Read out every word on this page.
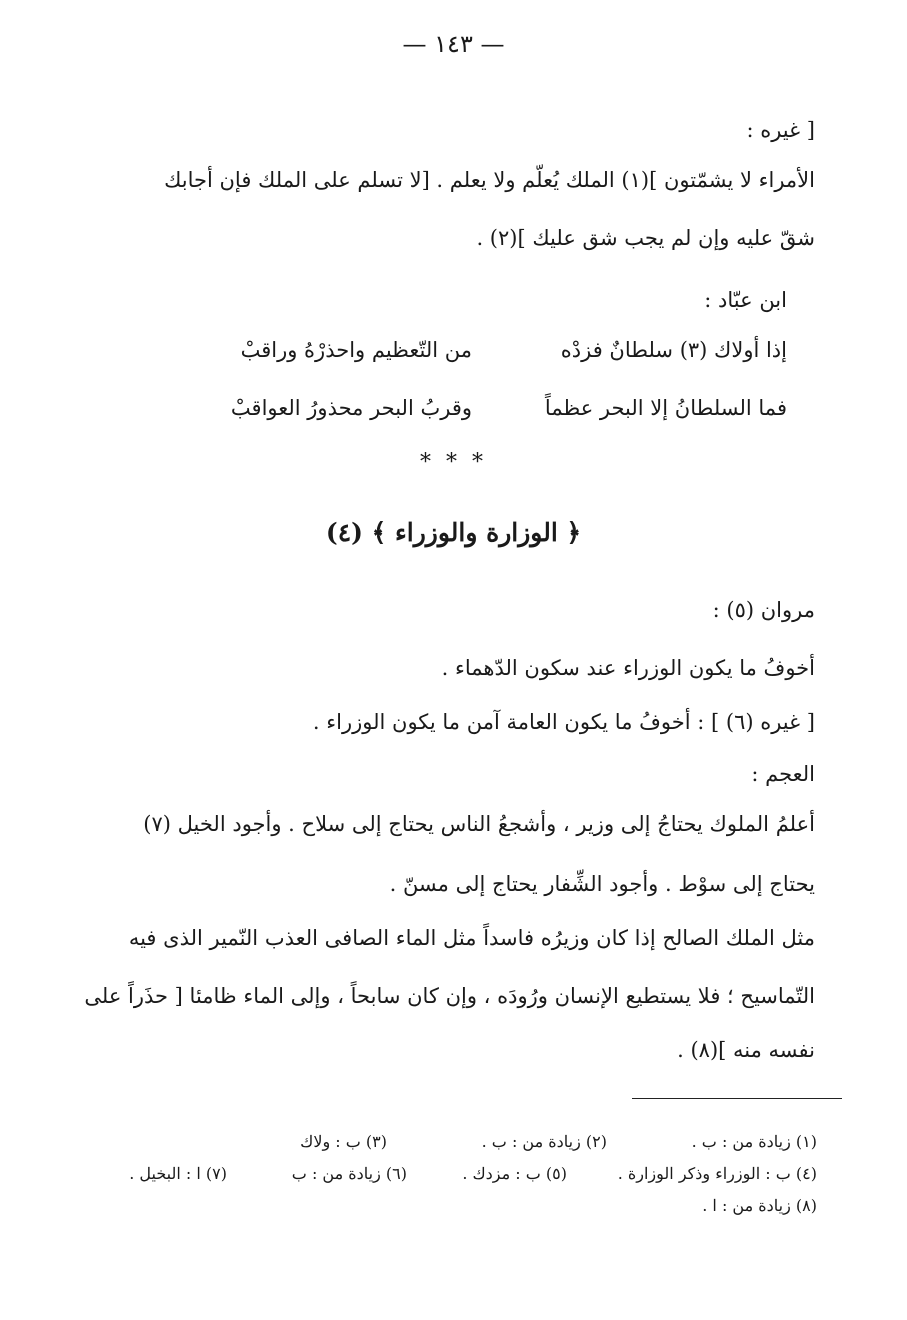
— ١٤٣ —
[ غيره :
الأمراء لا يشمّتون ](١) الملك يُعلّم ولا يعلم . [لا تسلم على الملك فإن أجابك
شقّ عليه وإن لم يجب شق عليك ](٢) .
ابن عبّاد :
إذا أولاك (٣) سلطانٌ فزدْه
من التّعظيم واحذرْهُ وراقبْ
فما السلطانُ إلا البحر عظماً
وقربُ البحر محذورُ العواقبْ
* * *
﴿ الوزارة والوزراء ﴾ (٤)
مروان (٥) :
أخوفُ ما يكون الوزراء عند سكون الدّهماء .
[ غيره (٦) ] : أخوفُ ما يكون العامة آمن ما يكون الوزراء .
العجم :
أعلمُ الملوك يحتاجُ إلى وزير ، وأشجعُ الناس يحتاج إلى سلاح . وأجود الخيل (٧)
يحتاج إلى سوْط . وأجود الشِّفار يحتاج إلى مسنّ .
مثل الملك الصالح إذا كان وزيرُه فاسداً مثل الماء الصافى العذب النّمير الذى فيه
التّماسيح ؛ فلا يستطيع الإنسان ورُودَه ، وإن كان سابحاً ، وإلى الماء ظامئا [ حذَراً على
نفسه منه ](٨) .
(١) زيادة من : ب .
(٢) زيادة من : ب .
(٣) ب : ولاك
(٤) ب : الوزراء وذكر الوزارة .
(٥) ب : مزدك .
(٦) زيادة من : ب
(٧) ا : البخيل .
(٨) زيادة من : ا .
